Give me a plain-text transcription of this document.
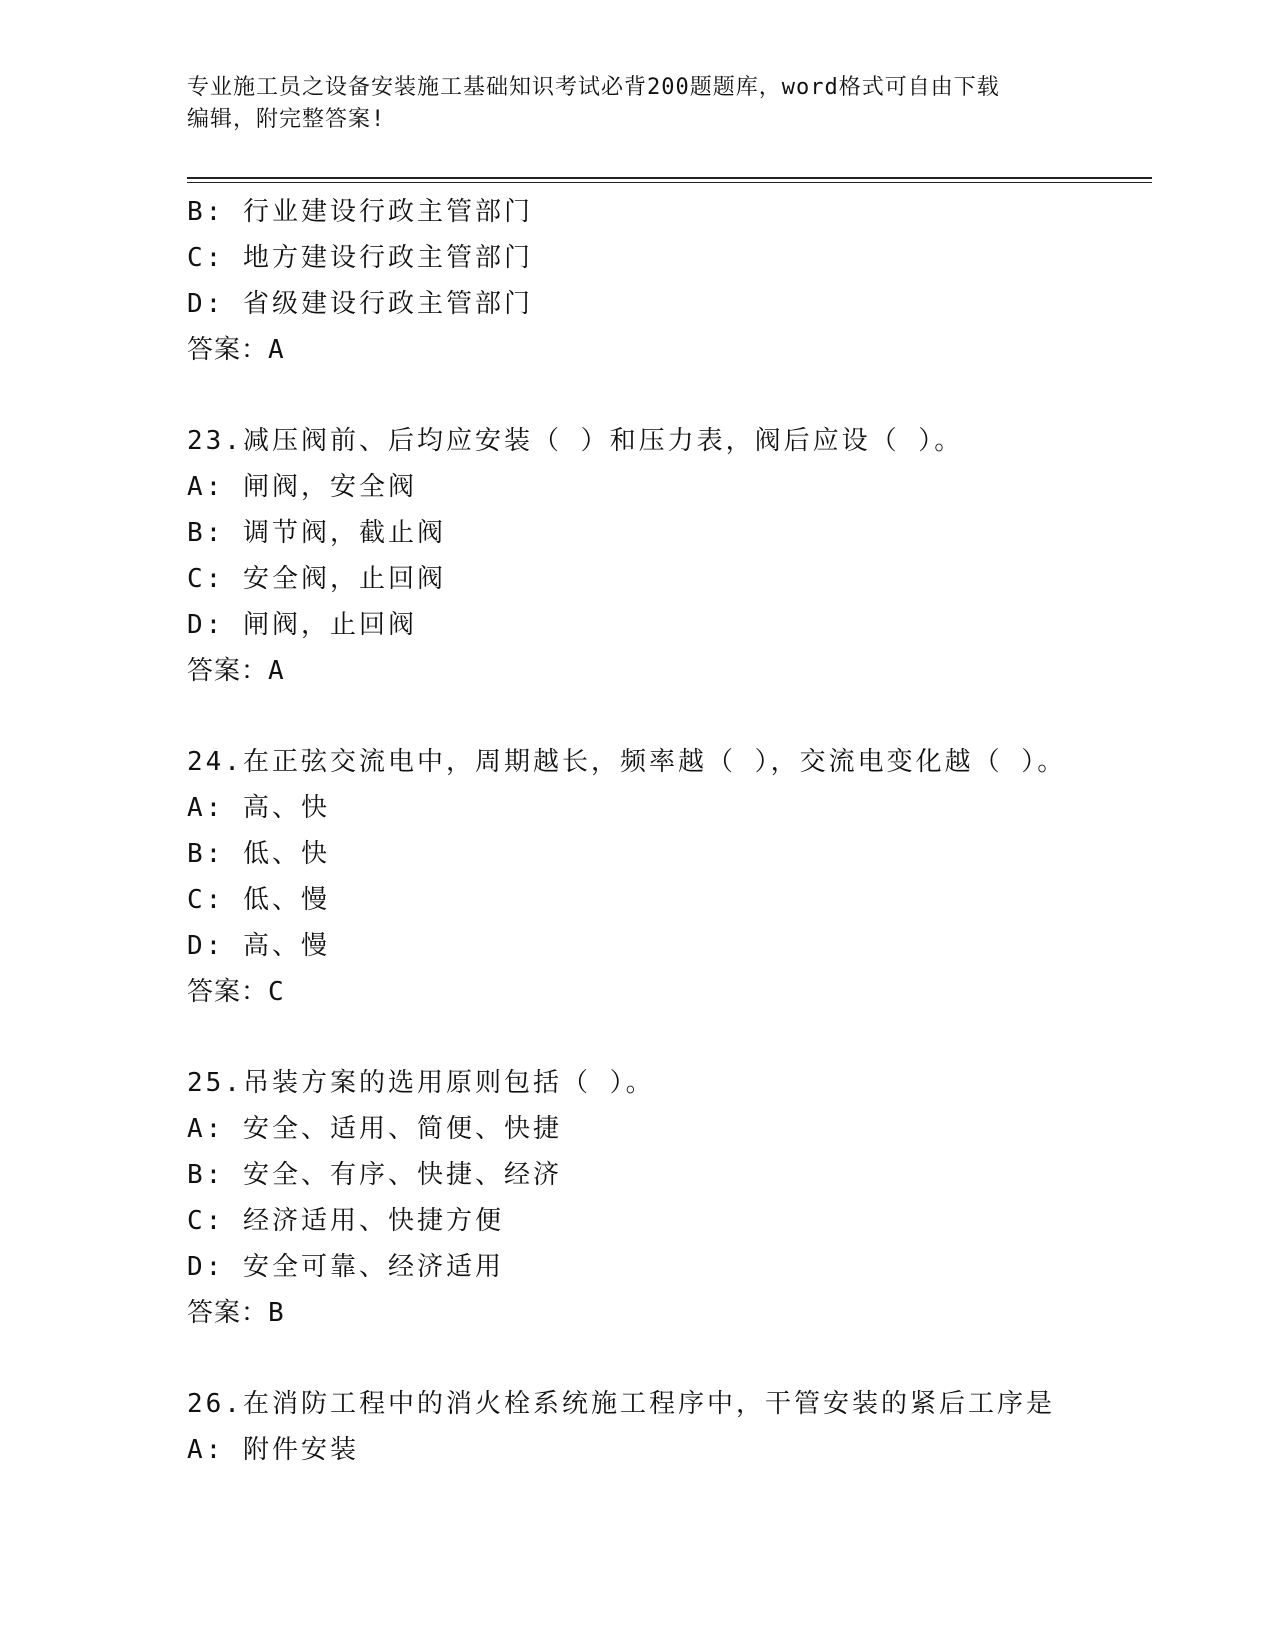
专业施工员之设备安装施工基础知识考试必背200题题库，word格式可自由下载
编辑，附完整答案!
B: 行业建设行政主管部门
C: 地方建设行政主管部门
D: 省级建设行政主管部门
答案：A
23.减压阀前、后均应安装（ ）和压力表，阀后应设（ ）。
A: 闸阀，安全阀
B: 调节阀，截止阀
C: 安全阀，止回阀
D: 闸阀，止回阀
答案：A
24.在正弦交流电中，周期越长，频率越（ ），交流电变化越（ ）。
A: 高、快
B: 低、快
C: 低、慢
D: 高、慢
答案：C
25.吊装方案的选用原则包括（ ）。
A: 安全、适用、简便、快捷
B: 安全、有序、快捷、经济
C: 经济适用、快捷方便
D: 安全可靠、经济适用
答案：B
26.在消防工程中的消火栓系统施工程序中，干管安装的紧后工序是
A: 附件安装
